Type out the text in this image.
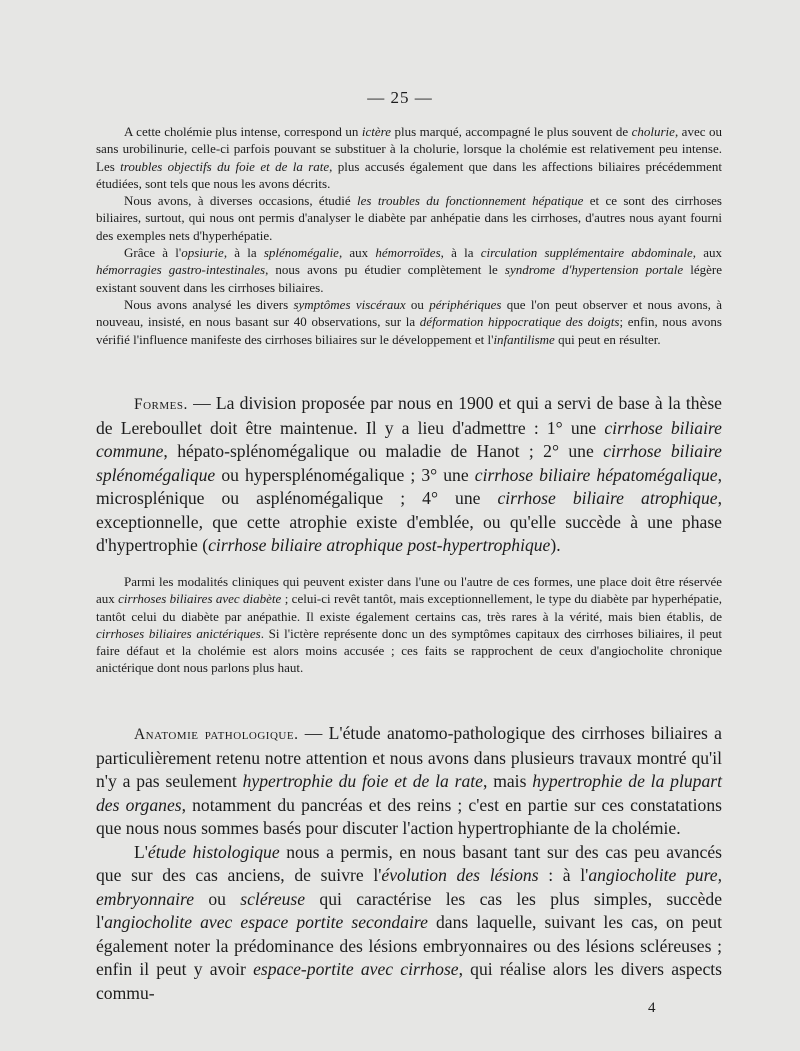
— 25 —

A cette cholémie plus intense, correspond un ictère plus marqué, accompagné le plus souvent de cholurie, avec ou sans urobilinurie, celle-ci parfois pouvant se substituer à la cholurie, lorsque la cholémie est relativement peu intense. Les troubles objectifs du foie et de la rate, plus accusés également que dans les affections biliaires précédemment étudiées, sont tels que nous les avons décrits.

Nous avons, à diverses occasions, étudié les troubles du fonctionnement hépatique et ce sont des cirrhoses biliaires, surtout, qui nous ont permis d'analyser le diabète par anhépatie dans les cirrhoses, d'autres nous ayant fourni des exemples nets d'hyperhépatie.

Grâce à l'opsiurie, à la splénomégalie, aux hémorroïdes, à la circulation supplémentaire abdominale, aux hémorragies gastro-intestinales, nous avons pu étudier complètement le syndrome d'hypertension portale légère existant souvent dans les cirrhoses biliaires.

Nous avons analysé les divers symptômes viscéraux ou périphériques que l'on peut observer et nous avons, à nouveau, insisté, en nous basant sur 40 observations, sur la déformation hippocratique des doigts; enfin, nous avons vérifié l'influence manifeste des cirrhoses biliaires sur le développement et l'infantilisme qui peut en résulter.

Formes. — La division proposée par nous en 1900 et qui a servi de base à la thèse de Lereboullet doit être maintenue. Il y a lieu d'admettre : 1° une cirrhose biliaire commune, hépato-splénomégalique ou maladie de Hanot ; 2° une cirrhose biliaire splénomégalique ou hypersplénomégalique ; 3° une cirrhose biliaire hépatomégalique, microsplénique ou asplénomégalique ; 4° une cirrhose biliaire atrophique, exceptionnelle, que cette atrophie existe d'emblée, ou qu'elle succède à une phase d'hypertrophie (cirrhose biliaire atrophique post-hypertrophique).

Parmi les modalités cliniques qui peuvent exister dans l'une ou l'autre de ces formes, une place doit être réservée aux cirrhoses biliaires avec diabète ; celui-ci revêt tantôt, mais exceptionnellement, le type du diabète par hyperhépatie, tantôt celui du diabète par anépathie. Il existe également certains cas, très rares à la vérité, mais bien établis, de cirrhoses biliaires anictériques. Si l'ictère représente donc un des symptômes capitaux des cirrhoses biliaires, il peut faire défaut et la cholémie est alors moins accusée ; ces faits se rapprochent de ceux d'angiocholite chronique anictérique dont nous parlons plus haut.

Anatomie pathologique. — L'étude anatomo-pathologique des cirrhoses biliaires a particulièrement retenu notre attention et nous avons dans plusieurs travaux montré qu'il n'y a pas seulement hypertrophie du foie et de la rate, mais hypertrophie de la plupart des organes, notamment du pancréas et des reins ; c'est en partie sur ces constatations que nous nous sommes basés pour discuter l'action hypertrophiante de la cholémie.

L'étude histologique nous a permis, en nous basant tant sur des cas peu avancés que sur des cas anciens, de suivre l'évolution des lésions : à l'angiocholite pure, embryonnaire ou scléreuse qui caractérise les cas les plus simples, succède l'angiocholite avec espace portite secondaire dans laquelle, suivant les cas, on peut également noter la prédominance des lésions embryonnaires ou des lésions scléreuses ; enfin il peut y avoir espace-portite avec cirrhose, qui réalise alors les divers aspects commu-

4
